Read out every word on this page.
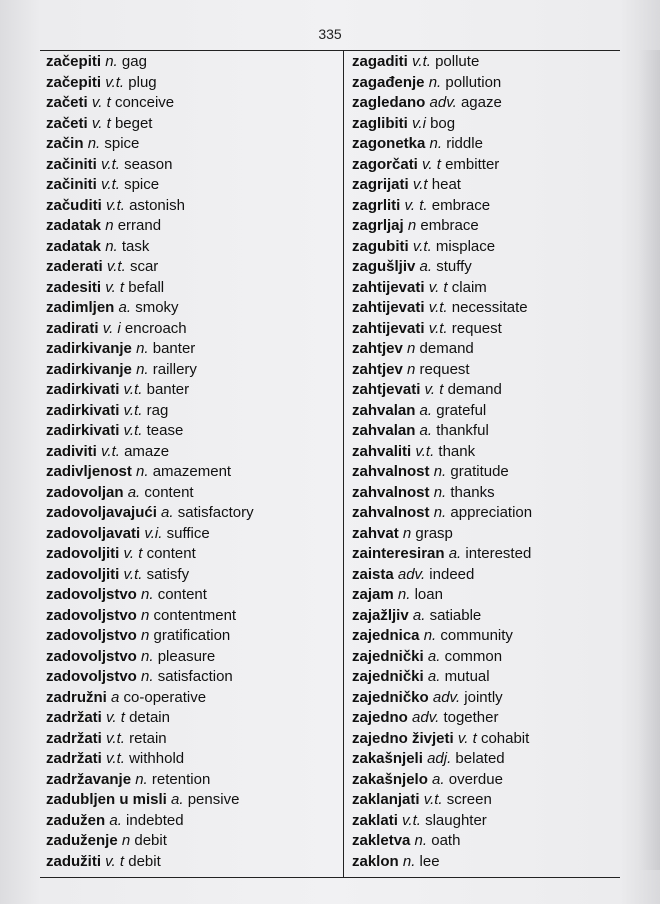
335
začepiti n. gag
začepiti v.t. plug
začeti v. t conceive
začeti v. t beget
začin n. spice
začiniti v.t. season
začiniti v.t. spice
začuditi v.t. astonish
zadatak n errand
zadatak n. task
zaderati v.t. scar
zadesiti v. t befall
zadimljen a. smoky
zadirati v. i encroach
zadirkivanje n. banter
zadirkivanje n. raillery
zadirkivati v.t. banter
zadirkivati v.t. rag
zadirkivati v.t. tease
zadiviti v.t. amaze
zadivljenost n. amazement
zadovoljan a. content
zadovoljavajući a. satisfactory
zadovoljavati v.i. suffice
zadovoljiti v. t content
zadovoljiti v.t. satisfy
zadovoljstvo n. content
zadovoljstvo n contentment
zadovoljstvo n gratification
zadovoljstvo n. pleasure
zadovoljstvo n. satisfaction
zadružni a co-operative
zadržati v. t detain
zadržati v.t. retain
zadržati v.t. withhold
zadržavanje n. retention
zadubljen u misli a. pensive
zadužen a. indebted
zaduženje n debit
zadužiti v. t debit
zagaditi v.t. pollute
zagađenje n. pollution
zagledano adv. agaze
zaglibiti v.i bog
zagonetka n. riddle
zagorčati v. t embitter
zagrijati v.t heat
zagrliti v. t. embrace
zagrljaj n embrace
zagubiti v.t. misplace
zagušljiv a. stuffy
zahtijevati v. t claim
zahtijevati v.t. necessitate
zahtijevati v.t. request
zahtjev n demand
zahtjev n request
zahtjevati v. t demand
zahvalan a. grateful
zahvalan a. thankful
zahvaliti v.t. thank
zahvalnost n. gratitude
zahvalnost n. thanks
zahvalnost n. appreciation
zahvat n grasp
zainteresiran a. interested
zaista adv. indeed
zajam n. loan
zajažljiv a. satiable
zajednica n. community
zajednički a. common
zajednički a. mutual
zajedničko adv. jointly
zajedno adv. together
zajedno živjeti v. t cohabit
zakašnjeli adj. belated
zakašnjelo a. overdue
zaklanjati v.t. screen
zaklati v.t. slaughter
zakletva n. oath
zaklon n. lee
